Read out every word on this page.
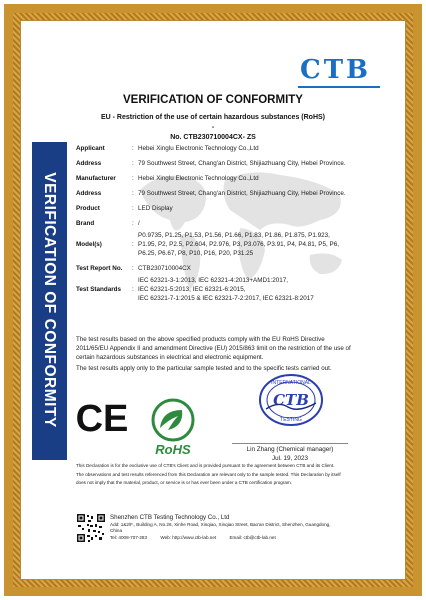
VERIFICATION OF CONFORMITY
CTB
VERIFICATION OF CONFORMITY
EU - Restriction of the use of certain hazardous substances (RoHS) -
No. CTB230710004CX- ZS
Applicant	: Hebei Xinglu Electronic Technology Co.,Ltd
Address	: 79 Southwest Street, Chang'an District, Shijiazhuang City, Hebei Province.
Manufacturer	: Hebei Xinglu Electronic Technology Co.,Ltd
Address	: 79 Southwest Street, Chang'an District, Shijiazhuang City, Hebei Province.
Product	: LED Display
Brand	: /
Model(s)	:
P0.9735, P1.25, P1.53, P1.56, P1.66, P1.83, P1.86, P1.875, P1.923,
P1.95, P2, P2.5, P2.604, P2.976, P3, P3.076, P3.91, P4, P4.81, P5, P6,
P6.25, P6.67, P8, P10, P16, P20, P31.25
Test Report No. : CTB230710004CX
Test Standards :
IEC 62321-3-1:2013, IEC 62321-4:2013+AMD1:2017,
IEC 62321-5:2013, IEC 62321-6:2015,
IEC 62321-7-1:2015 & IEC 62321-7-2:2017, IEC 62321-8:2017
The test results based on the above specified products comply with the EU RoHS Directive
2011/65/EU Appendix II and amendment Directive (EU) 2015/863 limit on the restriction of the use of
certain hazardous substances in electrical and electronic equipment.
The test results apply only to the particular sample tested and to the specific tests carried out.
CE
RoHS
INTERNATIONAL
CTB
TESTING
Lin Zhang (Chemical manager)
Jul. 19, 2023
This Declaration is for the exclusive use of CTB's Client and is provided pursuant to the agreement between CTB and its Client.
The observations and test results referenced from this Declaration are relevant only to the sample tested. This Declaration by itself
does not imply that the material, product, or service is or has ever been under a CTB certification program.
Shenzhen CTB Testing Technology Co., Ltd
Add: 1&2/F., Building A, No.26, Xinhe Road, Xinqiao, Xinqiao Street, Bao'an District, Shenzhen, Guangdong,
China
Tel: 4008-707-283	Web: http://www.ctb-lab.net	Email: ctb@ctb-lab.net
